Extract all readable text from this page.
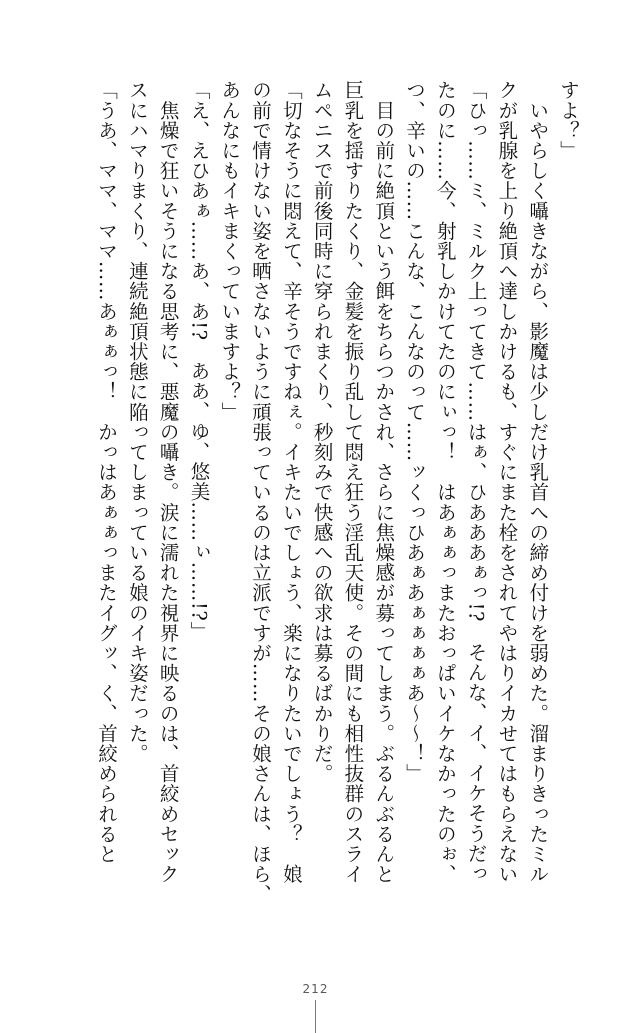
すよ？」

　いやらしく囁きながら、影魔は少しだけ乳首への締め付けを弱めた。溜まりきったミル

クが乳腺を上り絶頂へ達しかけるも、すぐにまた栓をされてやはりイカせてはもらえない

「ひっ……ミ、ミルク上ってきて……はぁ、ひあああぁっ!?　そんな、イ、イケそうだっ

たのに……今、射乳しかけてたのにぃっ！　はあぁぁっまたおっぱいイケなかったのぉ、

つ、辛いの……こんな、こんなのって……ッくっひあぁあぁぁぁぁあ〜〜！」

　目の前に絶頂という餌をちらつかされ、さらに焦燥感が募ってしまう。ぶるんぶるんと

巨乳を揺すりたくり、金髪を振り乱して悶え狂う淫乱天使。その間にも相性抜群のスライ

ムペニスで前後同時に穿られまくり、秒刻みで快感への欲求は募るばかりだ。

「切なそうに悶えて、辛そうですねぇ。イキたいでしょう、楽になりたいでしょう？　娘

の前で情けない姿を晒さないように頑張っているのは立派ですが……その娘さんは、ほら、

あんなにもイキまくっていますよ？」

「え、えひあぁ……あ、あ!?　ああ、ゆ、悠美……ぃ……!?」

　焦燥で狂いそうになる思考に、悪魔の囁き。涙に濡れた視界に映るのは、首絞めセック

スにハマりまくり、連続絶頂状態に陥ってしまっている娘のイキ姿だった。

「うあ、ママ、ママ……あぁぁっ！　かっはあぁぁっまたイグッ、く、首絞められると

212
